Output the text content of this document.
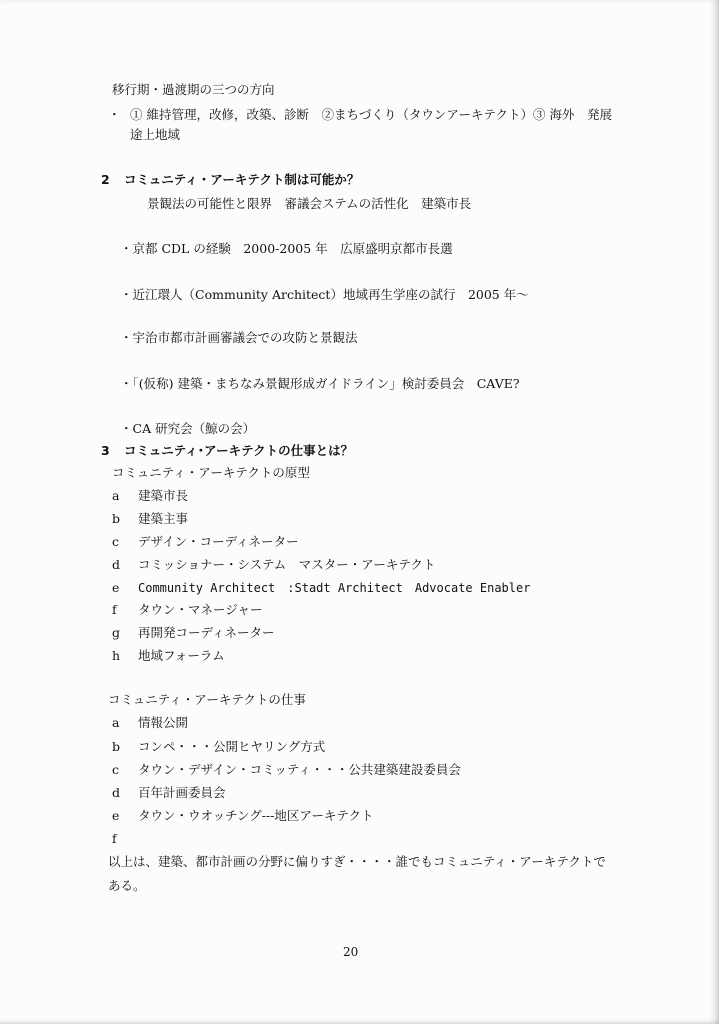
移行期・過渡期の三つの方向
・ ① 維持管理，改修，改築、診断　②まちづくり（タウンアーキテクト）③ 海外　発展
途上地域
2 コミュニティ・アーキテクト制は可能か？
景観法の可能性と限界　審議会ステムの活性化　建築市長
・京都 CDL の経験　2000-2005 年　広原盛明京都市長選
・近江環人（Community Architect）地域再生学座の試行　2005 年～
・宇治市都市計画審議会での攻防と景観法
・「(仮称) 建築・まちなみ景観形成ガイドライン」検討委員会　CAVE?
・CA 研究会（鯨の会）
3 コミュニティ･アーキテクトの仕事とは？
コミュニティ・アーキテクトの原型
a 建築市長
b 建築主事
c デザイン・コーディネーター
d コミッショナー・システム　マスター・アーキテクト
e Community Architect　:Stadt Architect　Advocate Enabler
f タウン・マネージャー
g 再開発コーディネーター
h 地域フォーラム
コミュニティ・アーキテクトの仕事
a 情報公開
b コンペ・・・公開ヒヤリング方式
c タウン・デザイン・コミッティ・・・公共建築建設委員会
d 百年計画委員会
e タウン・ウオッチング---地区アーキテクト
f
以上は、建築、都市計画の分野に偏りすぎ・・・・誰でもコミュニティ・アーキテクトで
ある。
20
